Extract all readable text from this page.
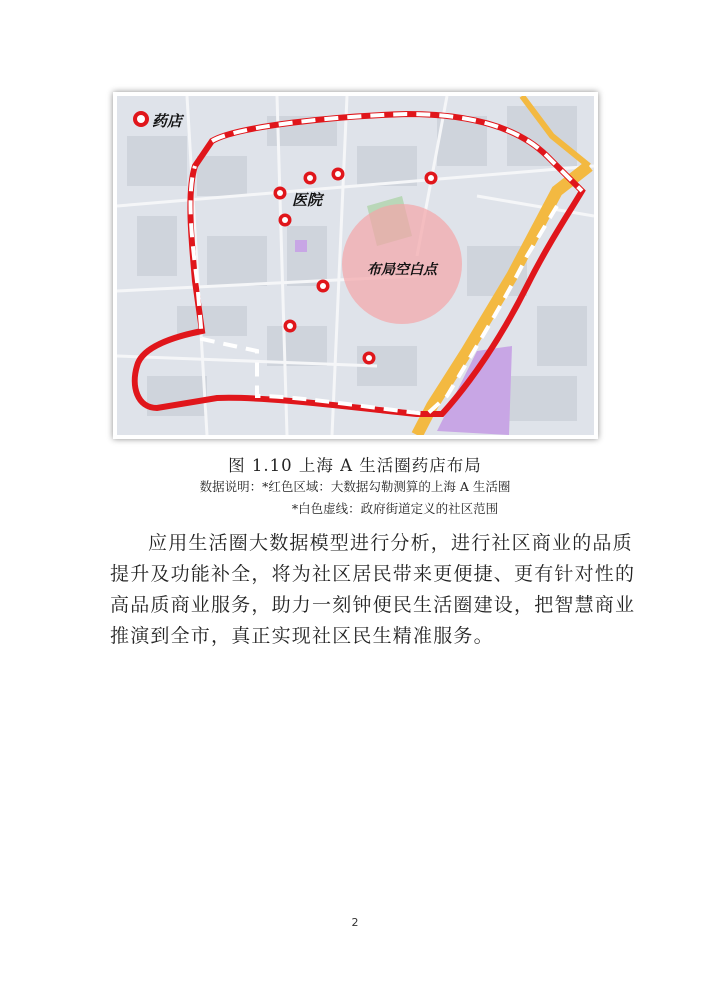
药店
医院
布局空白点
图 1.10 上海 A 生活圈药店布局
数据说明：*红色区域：大数据勾勒测算的上海 A 生活圈
*白色虚线：政府街道定义的社区范围
应用生活圈大数据模型进行分析，进行社区商业的品质
提升及功能补全，将为社区居民带来更便捷、更有针对性的
高品质商业服务，助力一刻钟便民生活圈建设，把智慧商业
推演到全市，真正实现社区民生精准服务。
2
